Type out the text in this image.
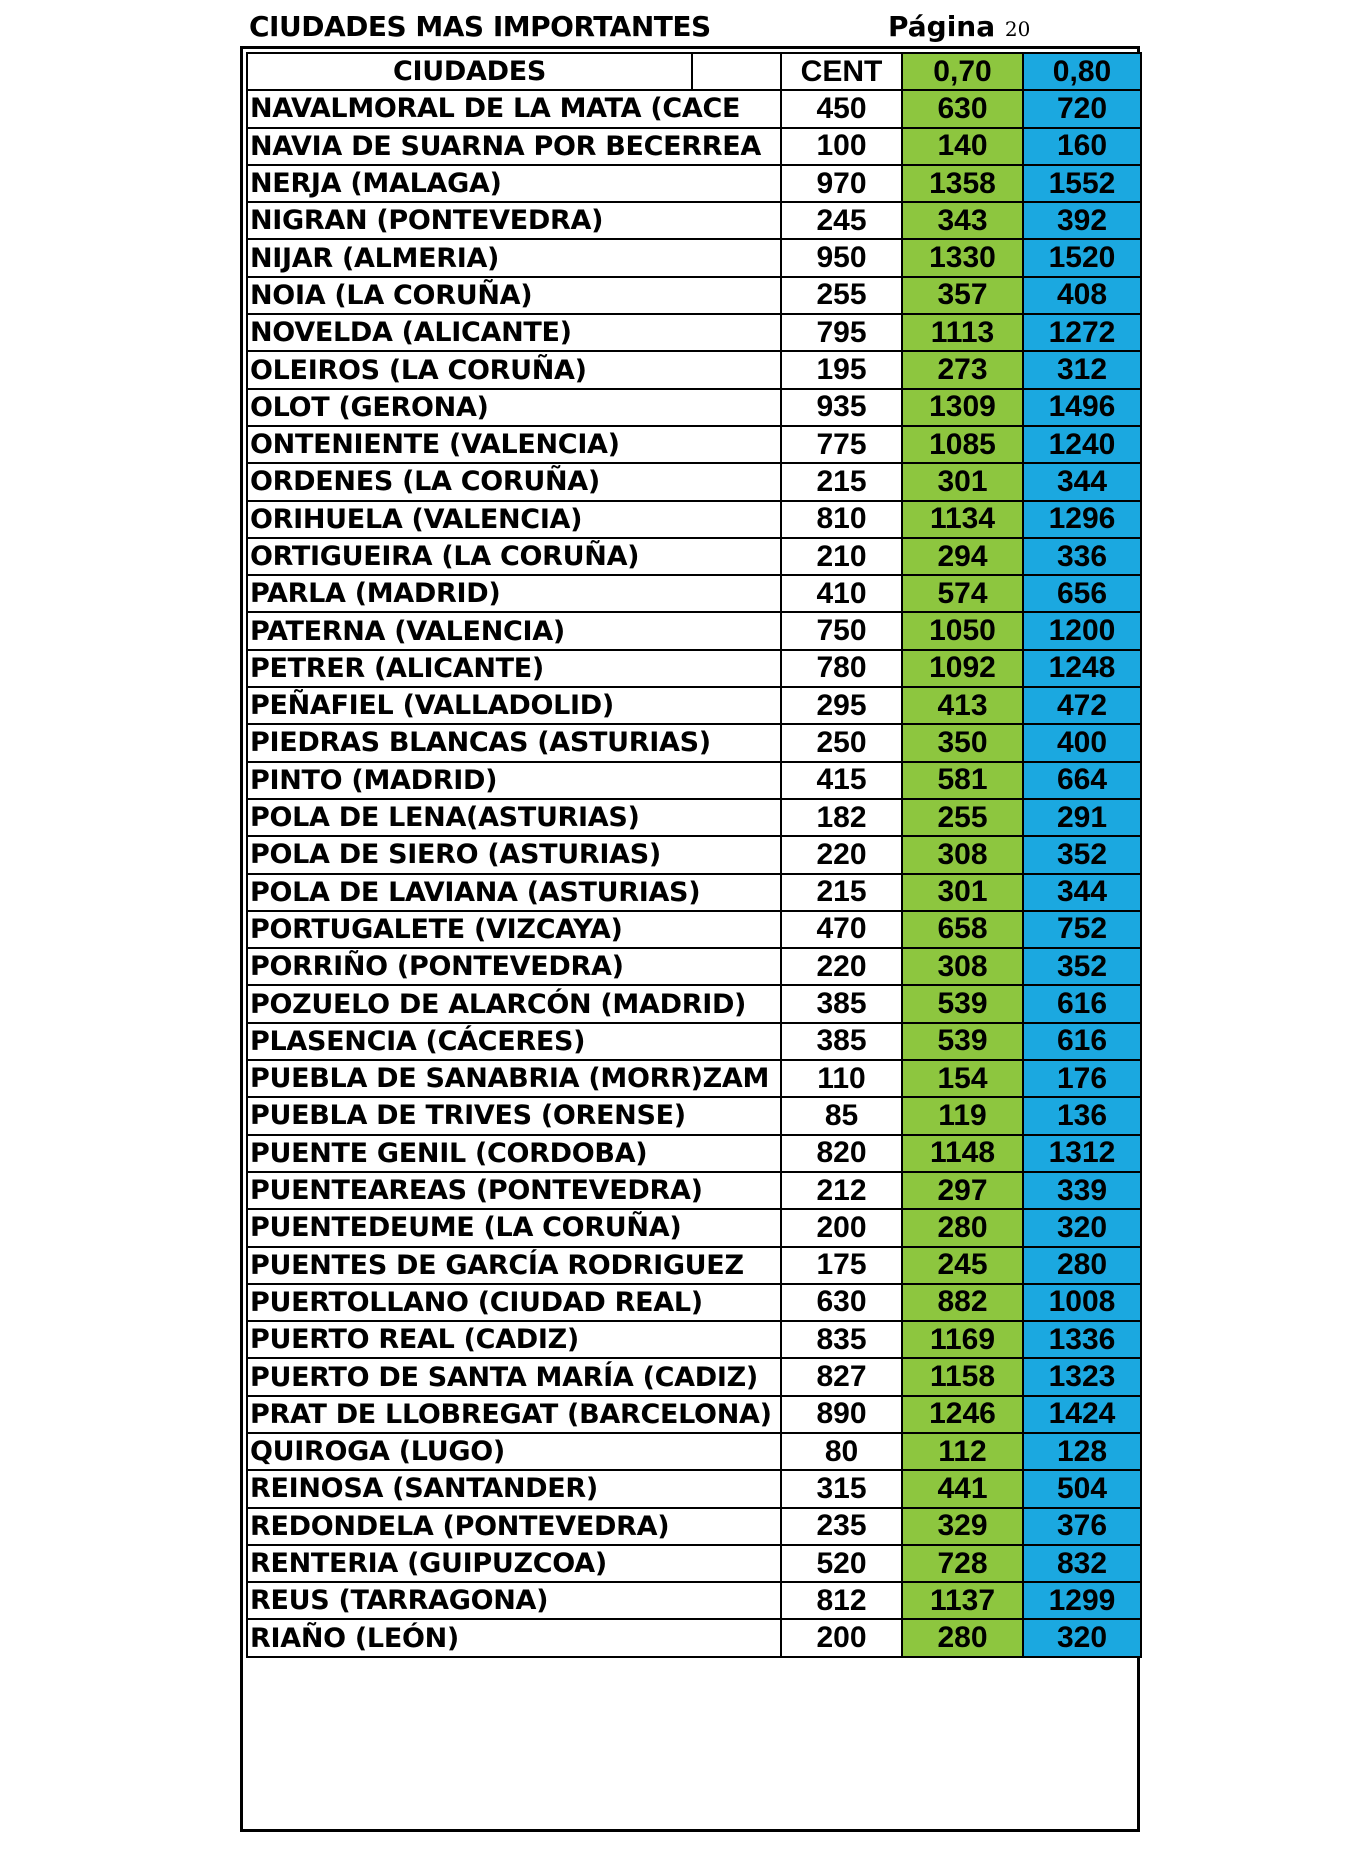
CIUDADES MAS IMPORTANTES	Página 20
CIUDADES		CENT	0,70	0,80
NAVALMORAL DE LA MATA (CACE		450	630	720
NAVIA DE SUARNA POR BECERREA		100	140	160
NERJA (MALAGA)		970	1358	1552
NIGRAN (PONTEVEDRA)		245	343	392
NIJAR (ALMERIA)		950	1330	1520
NOIA (LA CORUÑA)		255	357	408
NOVELDA (ALICANTE)		795	1113	1272
OLEIROS (LA CORUÑA)		195	273	312
OLOT (GERONA)		935	1309	1496
ONTENIENTE (VALENCIA)		775	1085	1240
ORDENES (LA CORUÑA)		215	301	344
ORIHUELA (VALENCIA)		810	1134	1296
ORTIGUEIRA (LA CORUÑA)		210	294	336
PARLA (MADRID)		410	574	656
PATERNA (VALENCIA)		750	1050	1200
PETRER (ALICANTE)		780	1092	1248
PEÑAFIEL (VALLADOLID)		295	413	472
PIEDRAS BLANCAS (ASTURIAS)		250	350	400
PINTO (MADRID)		415	581	664
POLA DE LENA(ASTURIAS)		182	255	291
POLA DE SIERO (ASTURIAS)		220	308	352
POLA DE LAVIANA (ASTURIAS)		215	301	344
PORTUGALETE (VIZCAYA)		470	658	752
PORRIÑO (PONTEVEDRA)		220	308	352
POZUELO DE ALARCÓN (MADRID)		385	539	616
PLASENCIA (CÁCERES)		385	539	616
PUEBLA DE SANABRIA (MORR)ZAM		110	154	176
PUEBLA DE TRIVES (ORENSE)		85	119	136
PUENTE GENIL (CORDOBA)		820	1148	1312
PUENTEAREAS (PONTEVEDRA)		212	297	339
PUENTEDEUME (LA CORUÑA)		200	280	320
PUENTES DE GARCÍA RODRIGUEZ		175	245	280
PUERTOLLANO (CIUDAD REAL)		630	882	1008
PUERTO REAL (CADIZ)		835	1169	1336
PUERTO DE SANTA MARÍA (CADIZ)		827	1158	1323
PRAT DE LLOBREGAT (BARCELONA)		890	1246	1424
QUIROGA (LUGO)		80	112	128
REINOSA (SANTANDER)		315	441	504
REDONDELA (PONTEVEDRA)		235	329	376
RENTERIA (GUIPUZCOA)		520	728	832
REUS (TARRAGONA)		812	1137	1299
RIAÑO (LEÓN)		200	280	320
